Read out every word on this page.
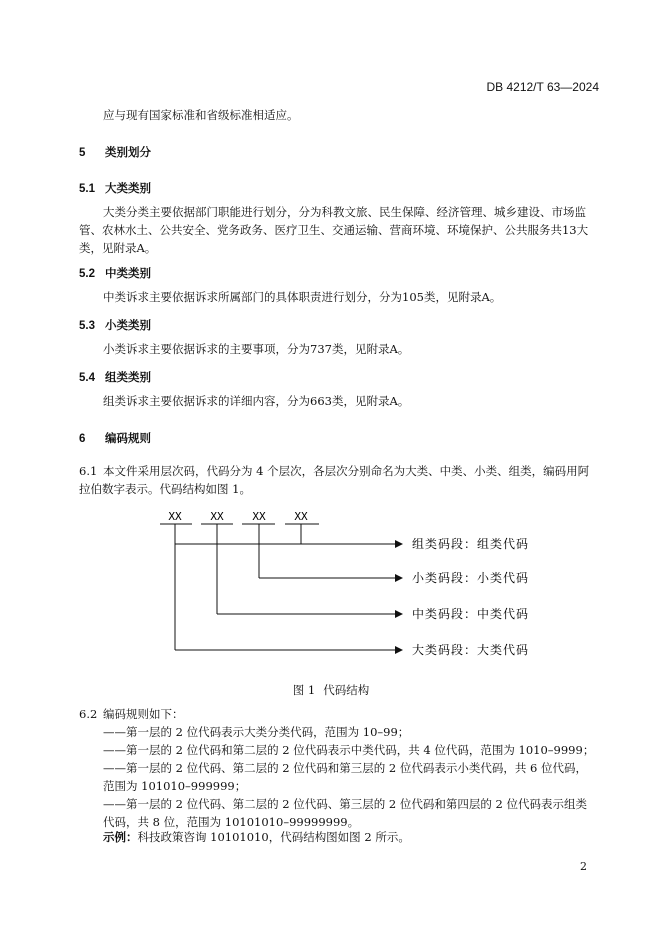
DB 4212/T 63—2024
应与现有国家标准和省级标准相适应。
5 类别划分
5.1 大类类别
大类分类主要依据部门职能进行划分，分为科教文旅、民生保障、经济管理、城乡建设、市场监管、农林水土、公共安全、党务政务、医疗卫生、交通运输、营商环境、环境保护、公共服务共13大类，见附录A。
5.2 中类类别
中类诉求主要依据诉求所属部门的具体职责进行划分，分为105类，见附录A。
5.3 小类类别
小类诉求主要依据诉求的主要事项，分为737类，见附录A。
5.4 组类类别
组类诉求主要依据诉求的详细内容，分为663类，见附录A。
6 编码规则
6.1 本文件采用层次码，代码分为 4 个层次，各层次分别命名为大类、中类、小类、组类，编码用阿拉伯数字表示。代码结构如图 1。
XX	XX	XX	XX
组类码段：组类代码
小类码段：小类代码
中类码段：中类代码
大类码段：大类代码
图 1 代码结构
6.2 编码规则如下：
——第一层的 2 位代码表示大类分类代码，范围为 10–99；
——第一层的 2 位代码和第二层的 2 位代码表示中类代码，共 4 位代码，范围为 1010–9999；
——第一层的 2 位代码、第二层的 2 位代码和第三层的 2 位代码表示小类代码，共 6 位代码，范围为 101010–999999；
——第一层的 2 位代码、第二层的 2 位代码、第三层的 2 位代码和第四层的 2 位代码表示组类代码，共 8 位，范围为 10101010–99999999。
示例：科技政策咨询 10101010，代码结构图如图 2 所示。
2
